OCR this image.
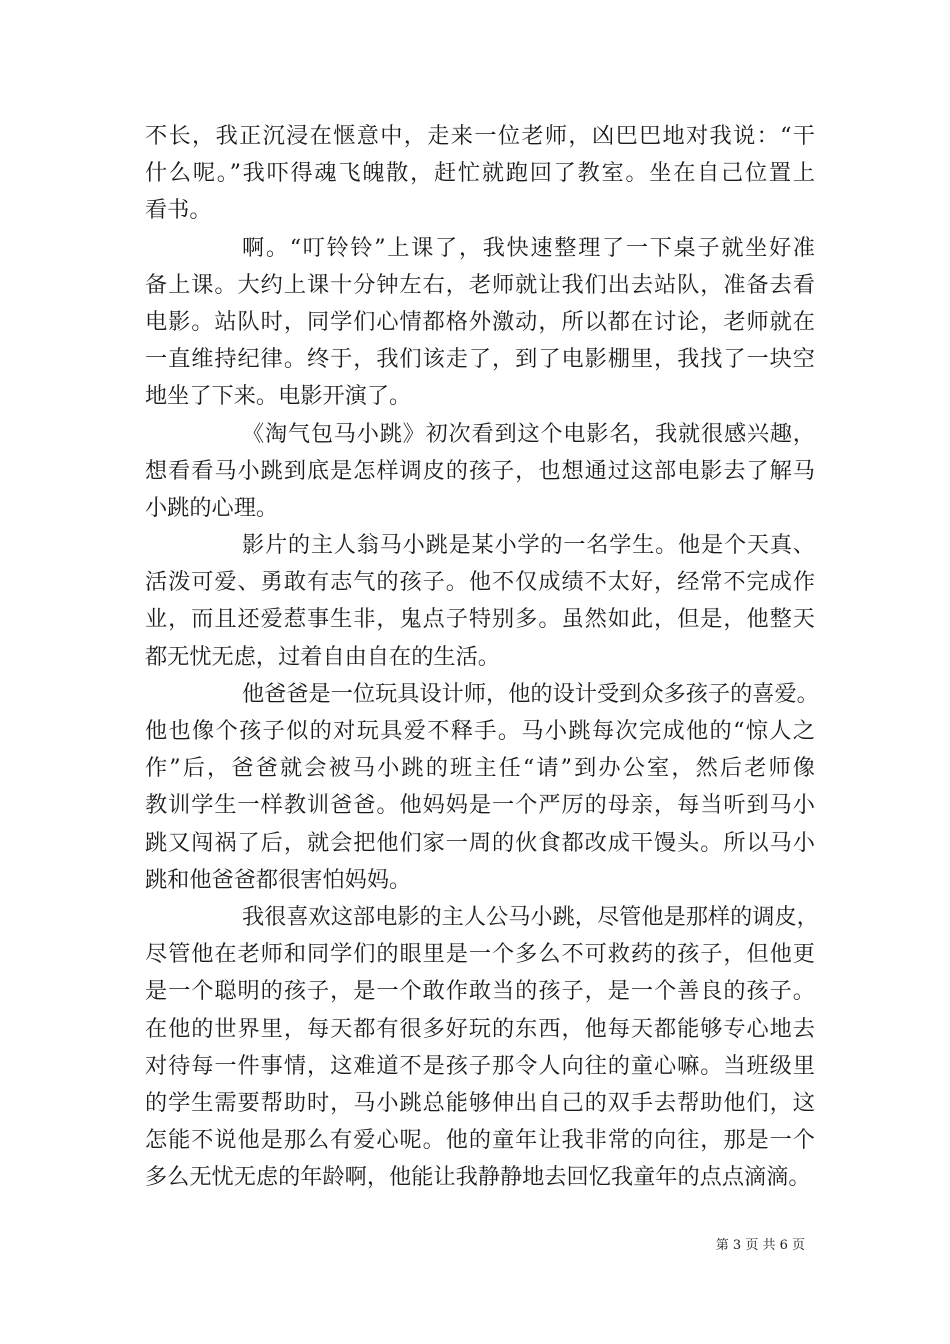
不长，我正沉浸在惬意中，走来一位老师，凶巴巴地对我说：“干
什么呢。”我吓得魂飞魄散，赶忙就跑回了教室。坐在自己位置上
看书。
啊。“叮铃铃”上课了，我快速整理了一下桌子就坐好准
备上课。大约上课十分钟左右，老师就让我们出去站队，准备去看
电影。站队时，同学们心情都格外激动，所以都在讨论，老师就在
一直维持纪律。终于，我们该走了，到了电影棚里，我找了一块空
地坐了下来。电影开演了。
《淘气包马小跳》初次看到这个电影名，我就很感兴趣，
想看看马小跳到底是怎样调皮的孩子，也想通过这部电影去了解马
小跳的心理。
影片的主人翁马小跳是某小学的一名学生。他是个天真、
活泼可爱、勇敢有志气的孩子。他不仅成绩不太好，经常不完成作
业，而且还爱惹事生非，鬼点子特别多。虽然如此，但是，他整天
都无忧无虑，过着自由自在的生活。
他爸爸是一位玩具设计师，他的设计受到众多孩子的喜爱。
他也像个孩子似的对玩具爱不释手。马小跳每次完成他的“惊人之
作”后，爸爸就会被马小跳的班主任“请”到办公室，然后老师像
教训学生一样教训爸爸。他妈妈是一个严厉的母亲，每当听到马小
跳又闯祸了后，就会把他们家一周的伙食都改成干馒头。所以马小
跳和他爸爸都很害怕妈妈。
我很喜欢这部电影的主人公马小跳，尽管他是那样的调皮，
尽管他在老师和同学们的眼里是一个多么不可救药的孩子，但他更
是一个聪明的孩子，是一个敢作敢当的孩子，是一个善良的孩子。
在他的世界里，每天都有很多好玩的东西，他每天都能够专心地去
对待每一件事情，这难道不是孩子那令人向往的童心嘛。当班级里
的学生需要帮助时，马小跳总能够伸出自己的双手去帮助他们，这
怎能不说他是那么有爱心呢。他的童年让我非常的向往，那是一个
多么无忧无虑的年龄啊，他能让我静静地去回忆我童年的点点滴滴。
第 3 页 共 6 页
